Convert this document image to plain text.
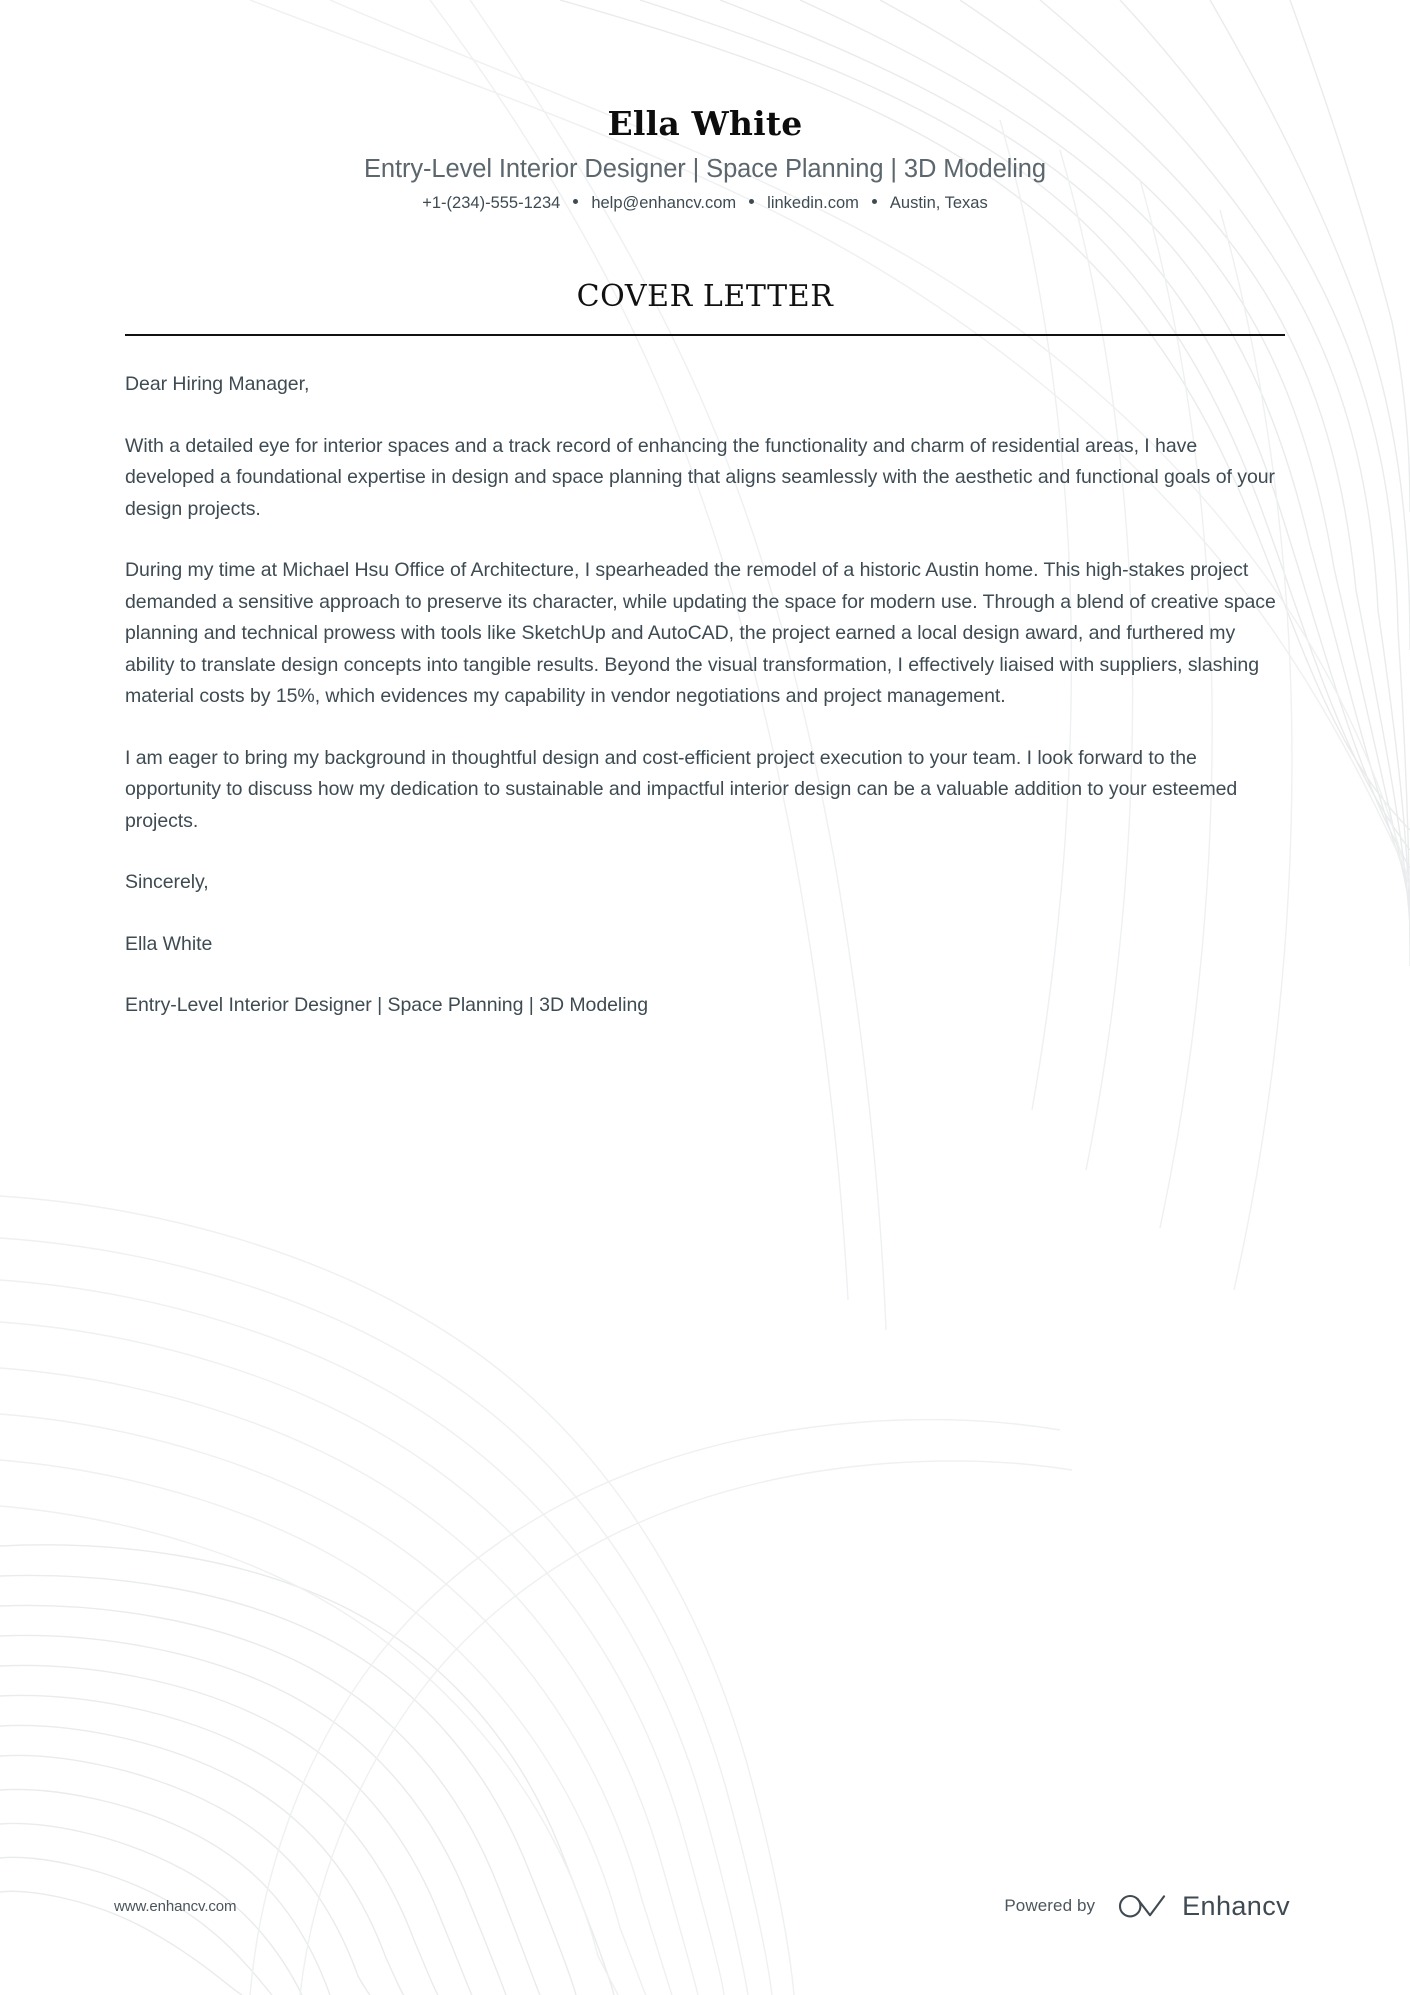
Ella White
Entry-Level Interior Designer | Space Planning | 3D Modeling
+1-(234)-555-1234 help@enhancv.com linkedin.com Austin, Texas
COVER LETTER

Dear Hiring Manager,

With a detailed eye for interior spaces and a track record of enhancing the functionality and charm of residential areas, I have developed a foundational expertise in design and space planning that aligns seamlessly with the aesthetic and functional goals of your design projects.

During my time at Michael Hsu Office of Architecture, I spearheaded the remodel of a historic Austin home. This high-stakes project demanded a sensitive approach to preserve its character, while updating the space for modern use. Through a blend of creative space planning and technical prowess with tools like SketchUp and AutoCAD, the project earned a local design award, and furthered my ability to translate design concepts into tangible results. Beyond the visual transformation, I effectively liaised with suppliers, slashing material costs by 15%, which evidences my capability in vendor negotiations and project management.

I am eager to bring my background in thoughtful design and cost-efficient project execution to your team. I look forward to the opportunity to discuss how my dedication to sustainable and impactful interior design can be a valuable addition to your esteemed projects.

Sincerely,

Ella White

Entry-Level Interior Designer | Space Planning | 3D Modeling

www.enhancv.com	Powered by	Enhancv
